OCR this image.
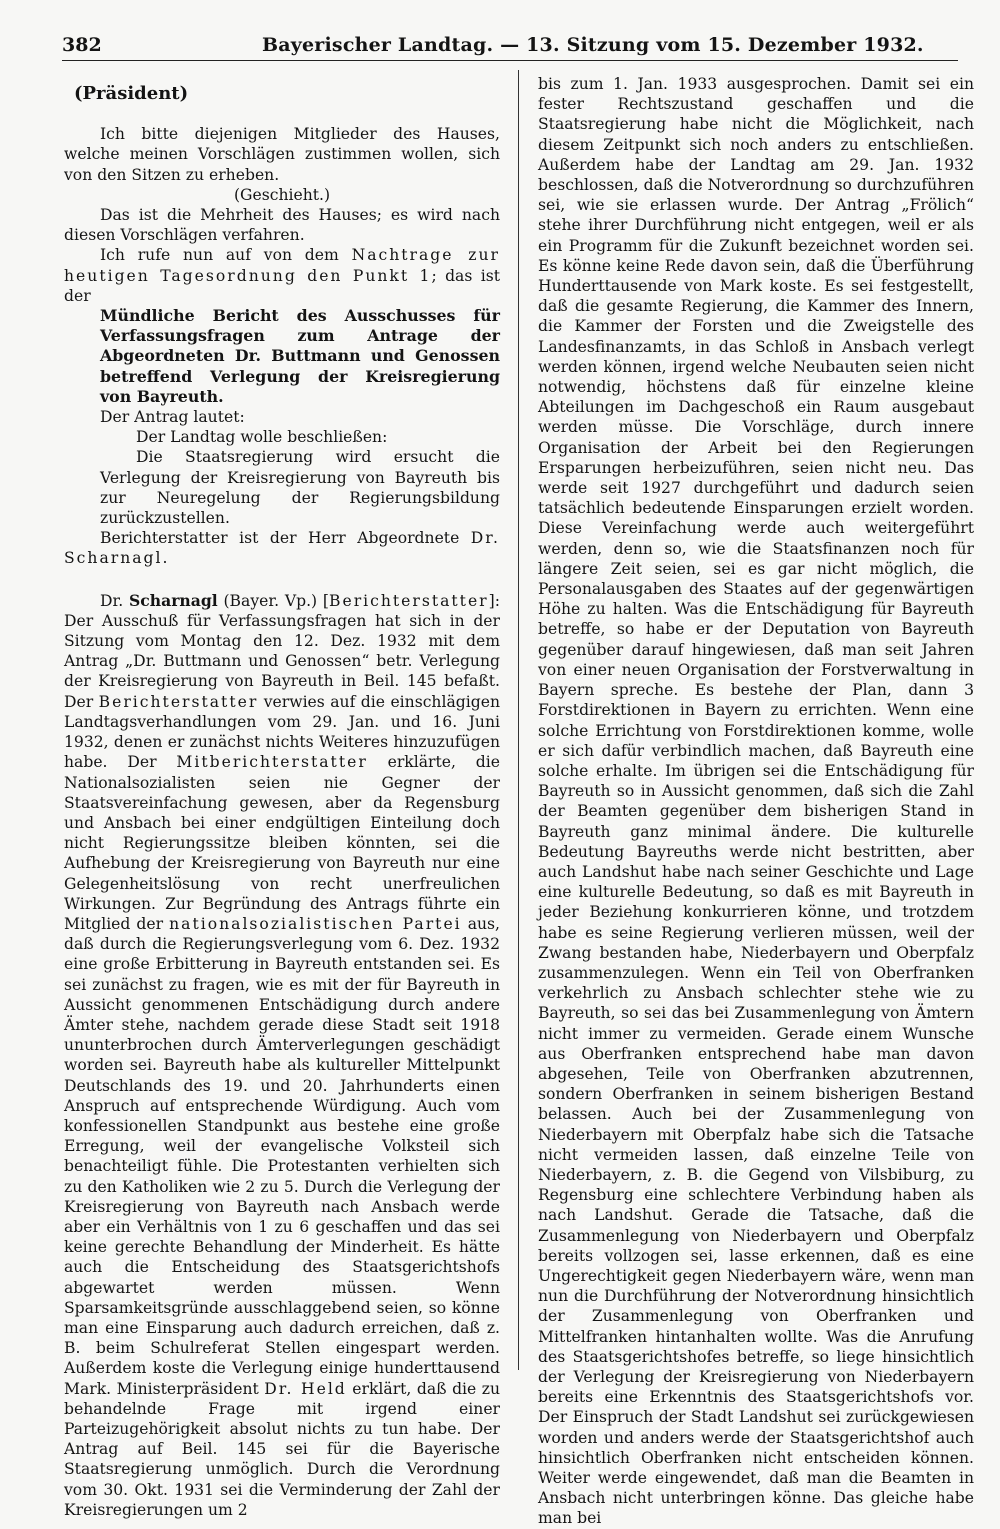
382	Bayerischer Landtag. — 13. Sitzung vom 15. Dezember 1932.

(Präsident)

Ich bitte diejenigen Mitglieder des Hauses, welche meinen Vorschlägen zustimmen wollen, sich von den Sitzen zu erheben.

(Geschieht.)

Das ist die Mehrheit des Hauses; es wird nach diesen Vorschlägen verfahren.

Ich rufe nun auf von dem Nachtrage zur heutigen Tagesordnung den Punkt 1; das ist der

Mündliche Bericht des Ausschusses für Verfassungsfragen zum Antrage der Abgeordneten Dr. Buttmann und Genossen betreffend Verlegung der Kreisregierung von Bayreuth.

Der Antrag lautet:

Der Landtag wolle beschließen:

Die Staatsregierung wird ersucht die Verlegung der Kreisregierung von Bayreuth bis zur Neuregelung der Regierungsbildung zurückzustellen.

Berichterstatter ist der Herr Abgeordnete Dr. Scharnagl.

Dr. Scharnagl (Bayer. Vp.) [Berichterstatter]: Der Ausschuß für Verfassungsfragen hat sich in der Sitzung vom Montag den 12. Dez. 1932 mit dem Antrag „Dr. Buttmann und Genossen“ betr. Verlegung der Kreisregierung von Bayreuth in Beil. 145 befaßt. Der Berichterstatter verwies auf die einschlägigen Landtagsverhandlungen vom 29. Jan. und 16. Juni 1932, denen er zunächst nichts Weiteres hinzuzufügen habe. Der Mitberichterstatter erklärte, die Nationalsozialisten seien nie Gegner der Staatsvereinfachung gewesen, aber da Regensburg und Ansbach bei einer endgültigen Einteilung doch nicht Regierungssitze bleiben könnten, sei die Aufhebung der Kreisregierung von Bayreuth nur eine Gelegenheitslösung von recht unerfreulichen Wirkungen. Zur Begründung des Antrags führte ein Mitglied der nationalsozialistischen Partei aus, daß durch die Regierungsverlegung vom 6. Dez. 1932 eine große Erbitterung in Bayreuth entstanden sei. Es sei zunächst zu fragen, wie es mit der für Bayreuth in Aussicht genommenen Entschädigung durch andere Ämter stehe, nachdem gerade diese Stadt seit 1918 ununterbrochen durch Ämterverlegungen geschädigt worden sei. Bayreuth habe als kultureller Mittelpunkt Deutschlands des 19. und 20. Jahrhunderts einen Anspruch auf entsprechende Würdigung. Auch vom konfessionellen Standpunkt aus bestehe eine große Erregung, weil der evangelische Volksteil sich benachteiligt fühle. Die Protestanten verhielten sich zu den Katholiken wie 2 zu 5. Durch die Verlegung der Kreisregierung von Bayreuth nach Ansbach werde aber ein Verhältnis von 1 zu 6 geschaffen und das sei keine gerechte Behandlung der Minderheit. Es hätte auch die Entscheidung des Staatsgerichtshofs abgewartet werden müssen. Wenn Sparsamkeitsgründe ausschlaggebend seien, so könne man eine Einsparung auch dadurch erreichen, daß z. B. beim Schulreferat Stellen eingespart werden. Außerdem koste die Verlegung einige hunderttausend Mark. Ministerpräsident Dr. Held erklärt, daß die zu behandelnde Frage mit irgend einer Parteizugehörigkeit absolut nichts zu tun habe. Der Antrag auf Beil. 145 sei für die Bayerische Staatsregierung unmöglich. Durch die Verordnung vom 30. Okt. 1931 sei die Verminderung der Zahl der Kreisregierungen um 2

bis zum 1. Jan. 1933 ausgesprochen. Damit sei ein fester Rechtszustand geschaffen und die Staatsregierung habe nicht die Möglichkeit, nach diesem Zeitpunkt sich noch anders zu entschließen. Außerdem habe der Landtag am 29. Jan. 1932 beschlossen, daß die Notverordnung so durchzuführen sei, wie sie erlassen wurde. Der Antrag „Frölich“ stehe ihrer Durchführung nicht entgegen, weil er als ein Programm für die Zukunft bezeichnet worden sei. Es könne keine Rede davon sein, daß die Überführung Hunderttausende von Mark koste. Es sei festgestellt, daß die gesamte Regierung, die Kammer des Innern, die Kammer der Forsten und die Zweigstelle des Landesfinanzamts, in das Schloß in Ansbach verlegt werden können, irgend welche Neubauten seien nicht notwendig, höchstens daß für einzelne kleine Abteilungen im Dachgeschoß ein Raum ausgebaut werden müsse. Die Vorschläge, durch innere Organisation der Arbeit bei den Regierungen Ersparungen herbeizuführen, seien nicht neu. Das werde seit 1927 durchgeführt und dadurch seien tatsächlich bedeutende Einsparungen erzielt worden. Diese Vereinfachung werde auch weitergeführt werden, denn so, wie die Staatsfinanzen noch für längere Zeit seien, sei es gar nicht möglich, die Personalausgaben des Staates auf der gegenwärtigen Höhe zu halten. Was die Entschädigung für Bayreuth betreffe, so habe er der Deputation von Bayreuth gegenüber darauf hingewiesen, daß man seit Jahren von einer neuen Organisation der Forstverwaltung in Bayern spreche. Es bestehe der Plan, dann 3 Forstdirektionen in Bayern zu errichten. Wenn eine solche Errichtung von Forstdirektionen komme, wolle er sich dafür verbindlich machen, daß Bayreuth eine solche erhalte. Im übrigen sei die Entschädigung für Bayreuth so in Aussicht genommen, daß sich die Zahl der Beamten gegenüber dem bisherigen Stand in Bayreuth ganz minimal ändere. Die kulturelle Bedeutung Bayreuths werde nicht bestritten, aber auch Landshut habe nach seiner Geschichte und Lage eine kulturelle Bedeutung, so daß es mit Bayreuth in jeder Beziehung konkurrieren könne, und trotzdem habe es seine Regierung verlieren müssen, weil der Zwang bestanden habe, Niederbayern und Oberpfalz zusammenzulegen. Wenn ein Teil von Oberfranken verkehrlich zu Ansbach schlechter stehe wie zu Bayreuth, so sei das bei Zusammenlegung von Ämtern nicht immer zu vermeiden. Gerade einem Wunsche aus Oberfranken entsprechend habe man davon abgesehen, Teile von Oberfranken abzutrennen, sondern Oberfranken in seinem bisherigen Bestand belassen. Auch bei der Zusammenlegung von Niederbayern mit Oberpfalz habe sich die Tatsache nicht vermeiden lassen, daß einzelne Teile von Niederbayern, z. B. die Gegend von Vilsbiburg, zu Regensburg eine schlechtere Verbindung haben als nach Landshut. Gerade die Tatsache, daß die Zusammenlegung von Niederbayern und Oberpfalz bereits vollzogen sei, lasse erkennen, daß es eine Ungerechtigkeit gegen Niederbayern wäre, wenn man nun die Durchführung der Notverordnung hinsichtlich der Zusammenlegung von Oberfranken und Mittelfranken hintanhalten wollte. Was die Anrufung des Staatsgerichtshofes betreffe, so liege hinsichtlich der Verlegung der Kreisregierung von Niederbayern bereits eine Erkenntnis des Staatsgerichtshofs vor. Der Einspruch der Stadt Landshut sei zurückgewiesen worden und anders werde der Staatsgerichtshof auch hinsichtlich Oberfranken nicht entscheiden können. Weiter werde eingewendet, daß man die Beamten in Ansbach nicht unterbringen könne. Das gleiche habe man bei
